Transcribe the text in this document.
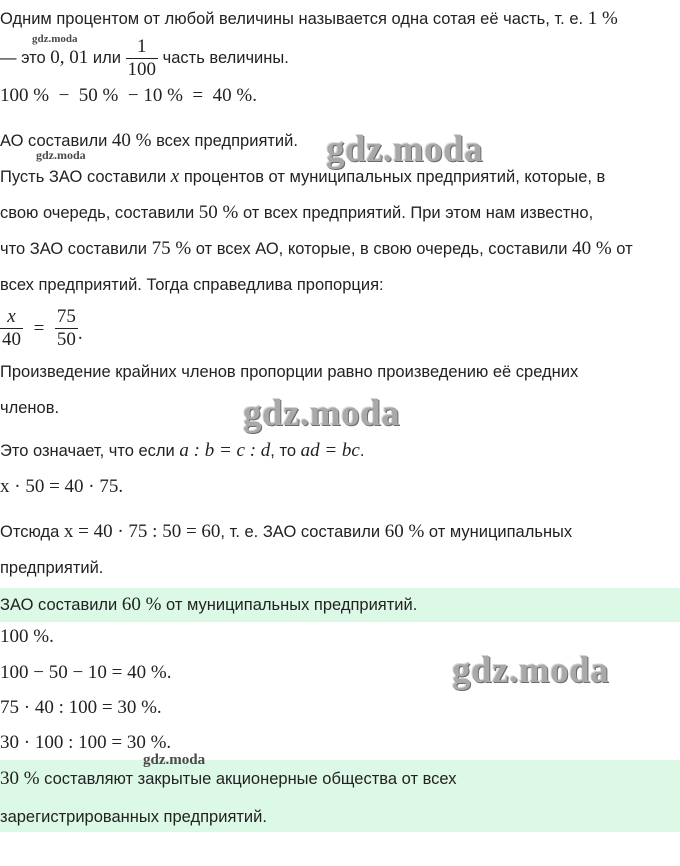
Одним процентом от любой величины называется одна сотая её часть, т. е. 1 %
— это 0, 01 или $\frac{1}{100}$ часть величины.
100 %  −  50 %  − 10 %  =  40 %.
АО составили 40 % всех предприятий.
Пусть ЗАО составили x процентов от муниципальных предприятий, которые, в
свою очередь, составили 50 % от всех предприятий. При этом нам известно,
что ЗАО составили 75 % от всех АО, которые, в свою очередь, составили 40 % от
всех предприятий. Тогда справедлива пропорция:
$\frac{x}{40} = \frac{75}{50}$ .
Произведение крайних членов пропорции равно произведению её средних
членов.
Это означает, что если a : b = c : d, то ad = bc.
x · 50 = 40 · 75.
Отсюда x = 40 · 75 : 50 = 60, т. е. ЗАО составили 60 % от муниципальных
предприятий.
ЗАО составили 60 % от муниципальных предприятий.
100 %.
100 − 50 − 10 = 40 %.
75 · 40 : 100 = 30 %.
30 · 100 : 100 = 30 %.
30 % составляют закрытые акционерные общества от всех
зарегистрированных предприятий.
gdz.moda
gdz.moda
gdz.moda
gdz.moda
gdz.moda
gdz.moda
